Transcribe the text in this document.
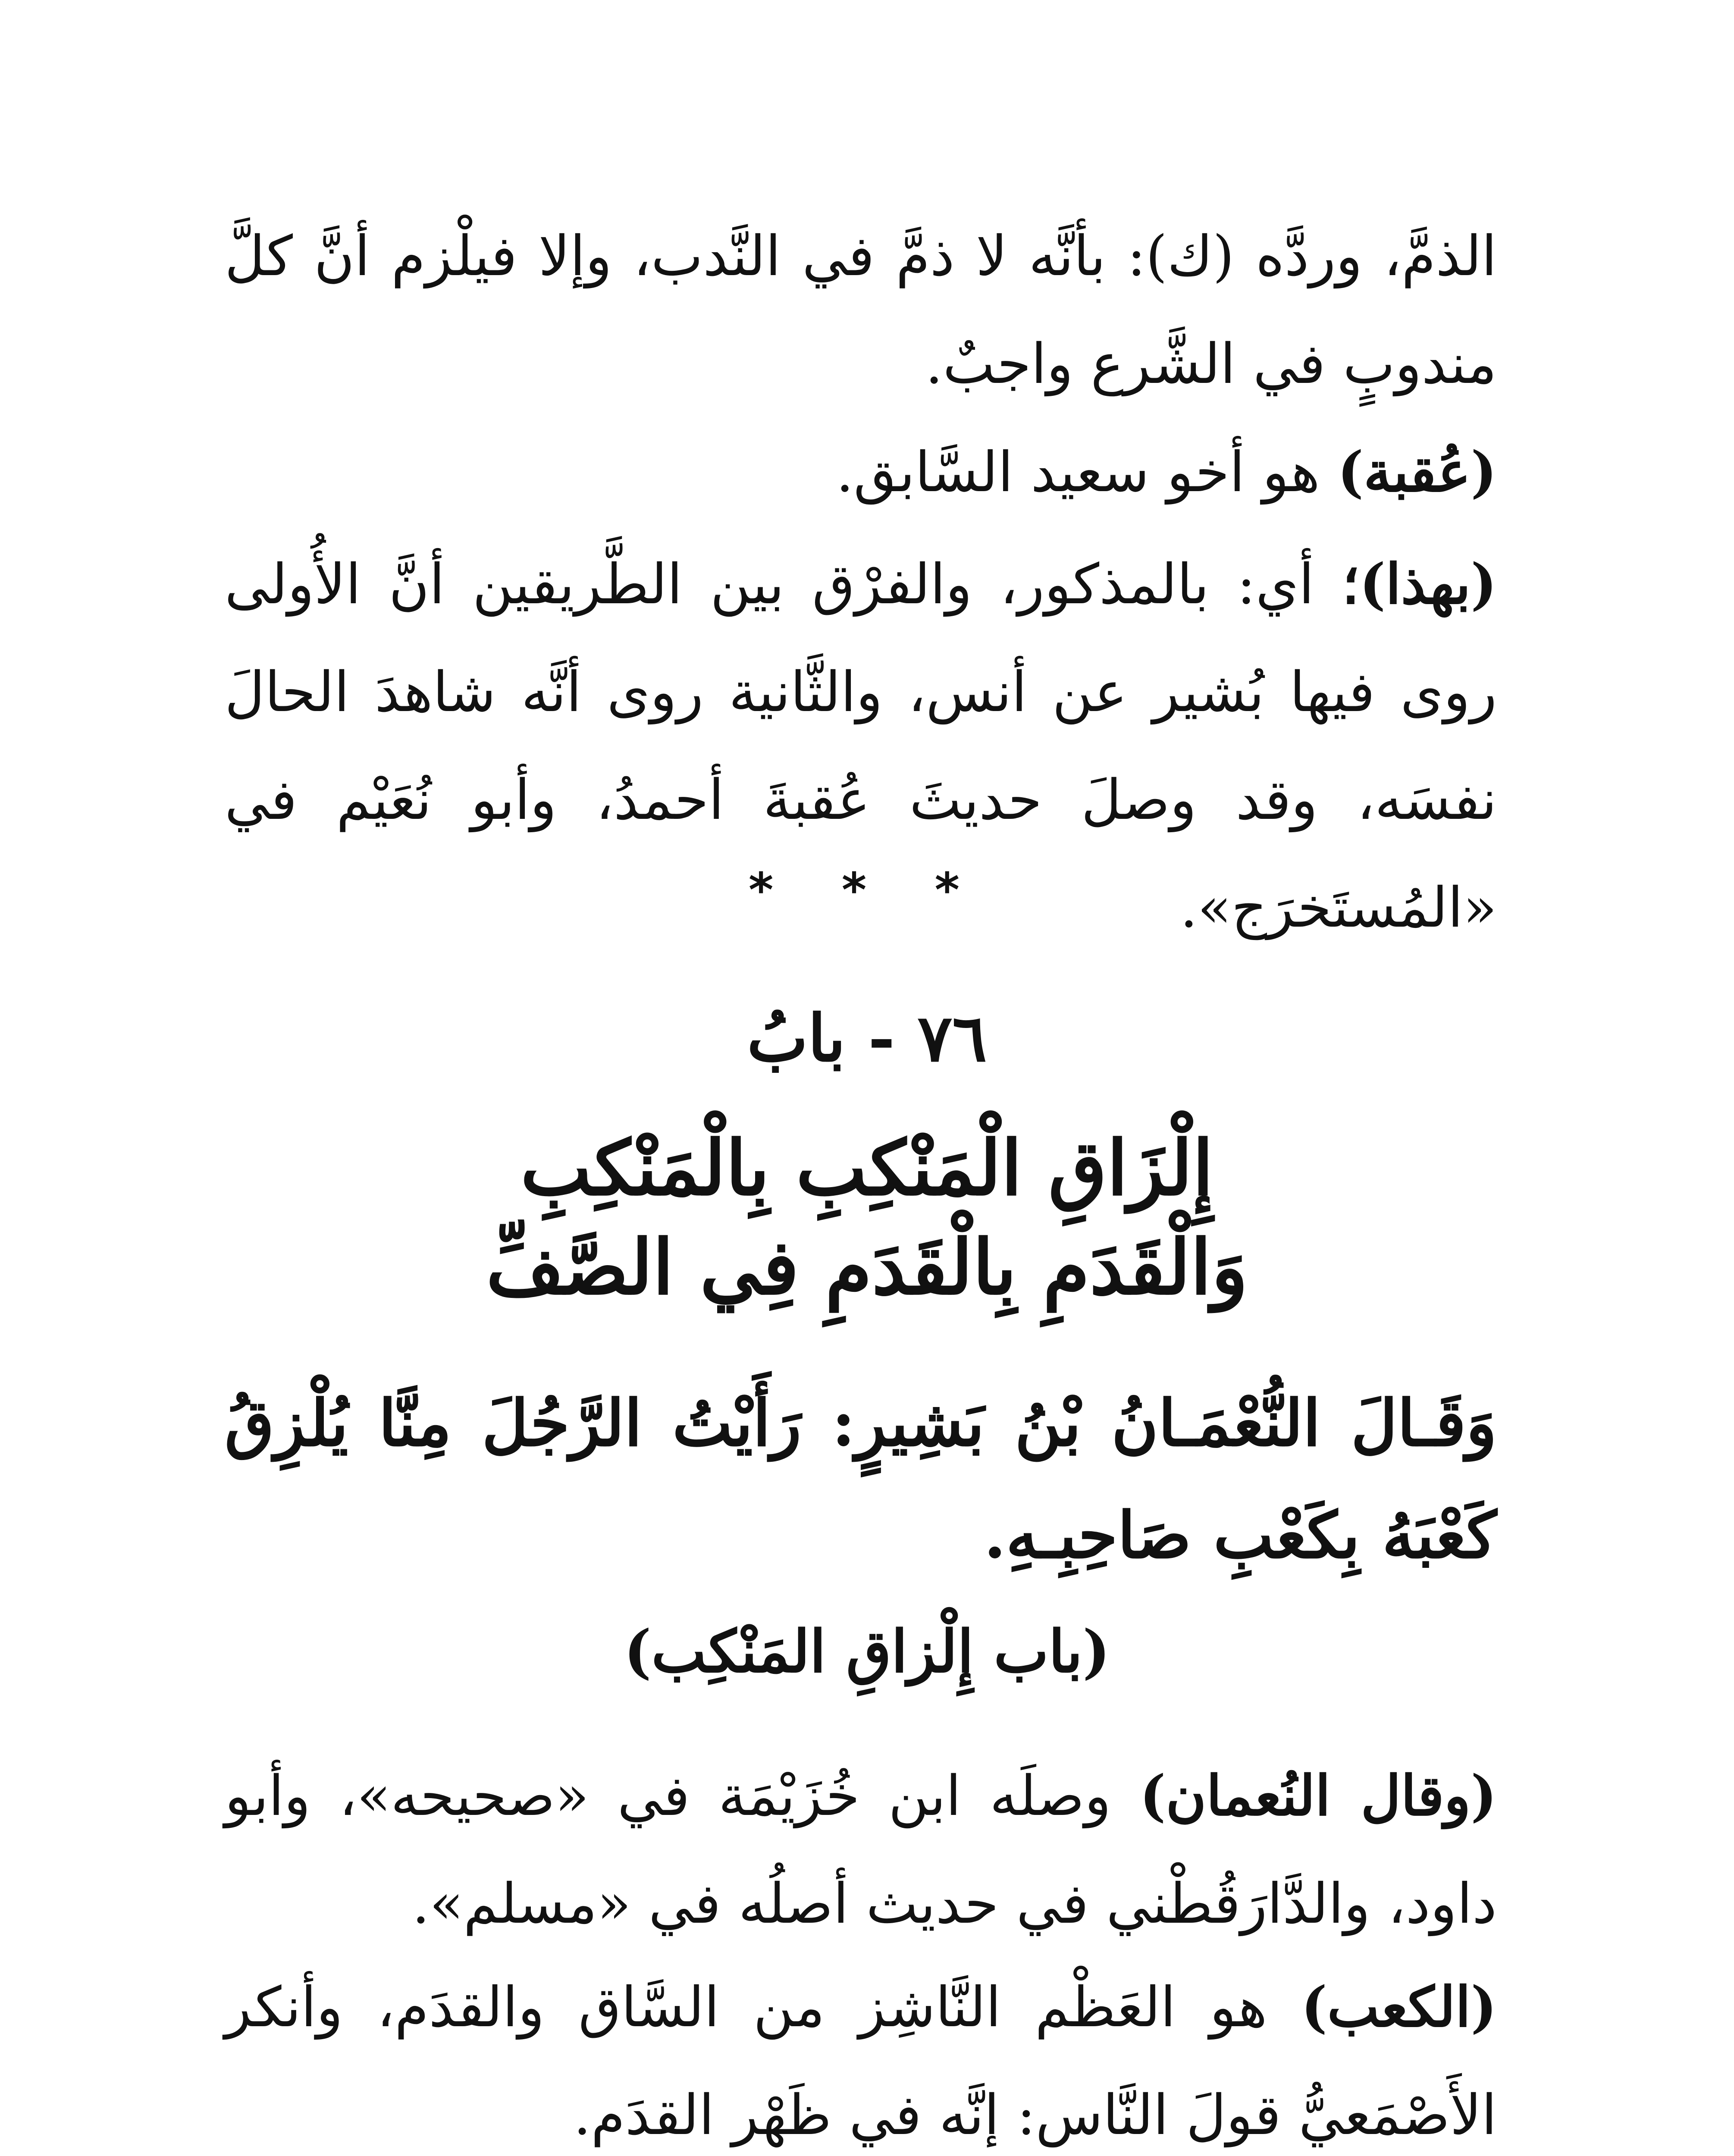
الذمَّ، وردَّه (ك): بأنَّه لا ذمَّ في النَّدب، وإلا فيلْزم أنَّ كلَّ مندوبٍ في الشَّرع واجبٌ.
(عُقبة) هو أخو سعيد السَّابق.
(بهذا)؛ أي: بالمذكور، والفرْق بين الطَّريقين أنَّ الأُولى روى فيها بُشير عن أنس، والثَّانية روى أنَّه شاهدَ الحالَ نفسَه، وقد وصلَ حديثَ عُقبةَ أحمدُ، وأبو نُعَيْم في «المُستَخرَج».
* * *
٧٦ - بابُ
إِلْزَاقِ الْمَنْكِبِ بِالْمَنْكِبِ
وَالْقَدَمِ بِالْقَدَمِ فِي الصَّفِّ
وَقَـالَ النُّعْمَـانُ بْنُ بَشِيرٍ: رَأَيْتُ الرَّجُلَ مِنَّا يُلْزِقُ كَعْبَهُ بِكَعْبِ صَاحِبِـهِ.
(باب إِلْزاقِ المَنْكِب)
(وقال النُعمان) وصلَه ابن خُزَيْمَة في «صحيحه»، وأبو داود، والدَّارَقُطْني في حديث أصلُه في «مسلم».
(الكعب) هو العَظْم النَّاشِز من السَّاق والقدَم، وأنكر الأَصْمَعيُّ قولَ النَّاس: إنَّه في ظَهْر القدَم.
